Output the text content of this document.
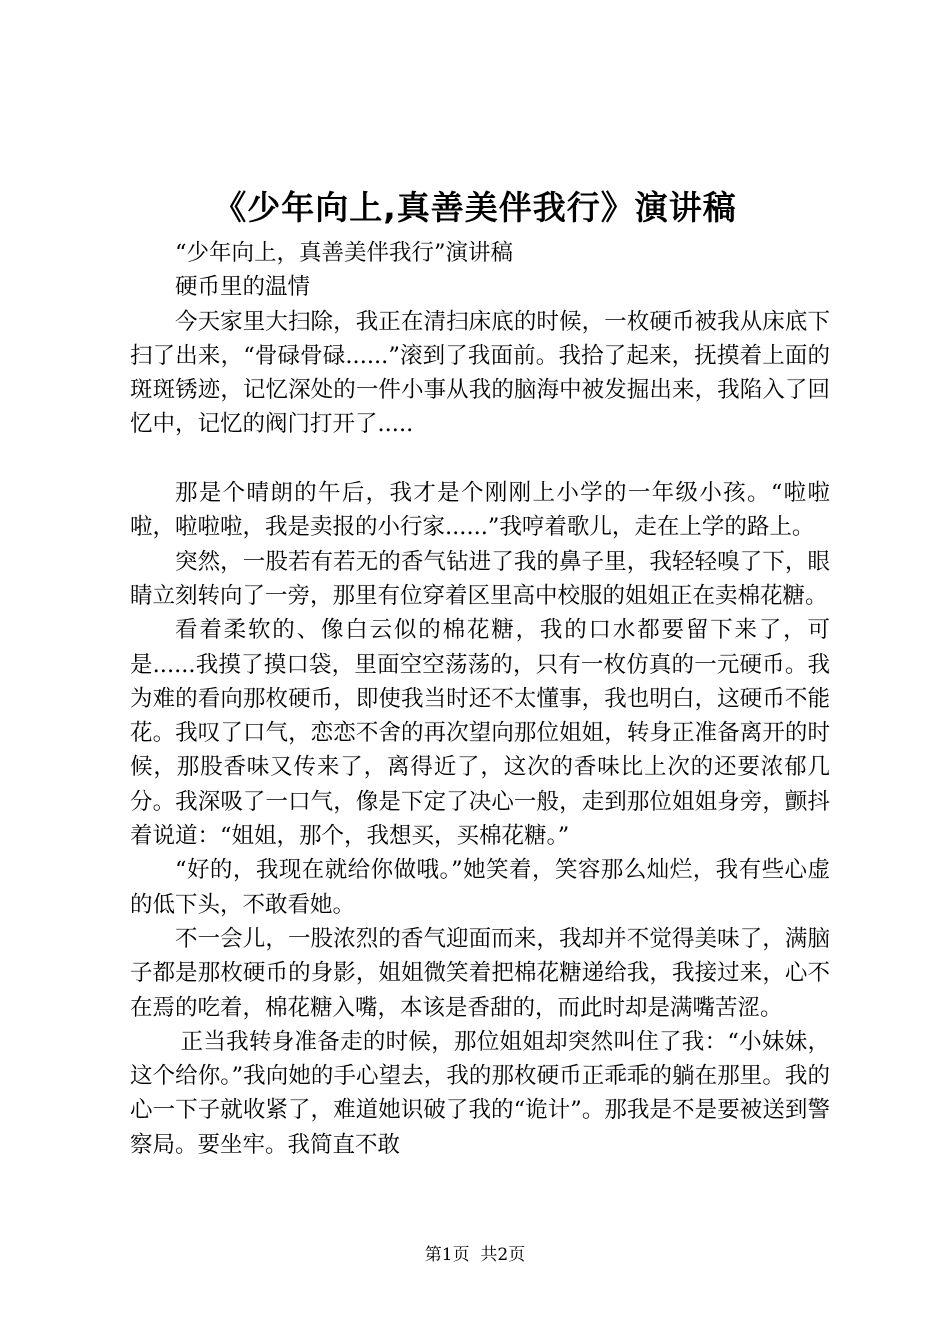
《少年向上,真善美伴我行》演讲稿

“少年向上，真善美伴我行”演讲稿

硬币里的温情

今天家里大扫除，我正在清扫床底的时候，一枚硬币被我从床底下扫了出来，“骨碌骨碌......”滚到了我面前。我拾了起来，抚摸着上面的斑斑锈迹，记忆深处的一件小事从我的脑海中被发掘出来，我陷入了回忆中，记忆的阀门打开了.....

那是个晴朗的午后，我才是个刚刚上小学的一年级小孩。“啦啦啦，啦啦啦，我是卖报的小行家......”我哼着歌儿，走在上学的路上。

突然，一股若有若无的香气钻进了我的鼻子里，我轻轻嗅了下，眼睛立刻转向了一旁，那里有位穿着区里高中校服的姐姐正在卖棉花糖。

看着柔软的、像白云似的棉花糖，我的口水都要留下来了，可是......我摸了摸口袋，里面空空荡荡的，只有一枚仿真的一元硬币。我为难的看向那枚硬币，即使我当时还不太懂事，我也明白，这硬币不能花。我叹了口气，恋恋不舍的再次望向那位姐姐，转身正准备离开的时候，那股香味又传来了，离得近了，这次的香味比上次的还要浓郁几分。我深吸了一口气，像是下定了决心一般，走到那位姐姐身旁，颤抖着说道：“姐姐，那个，我想买，买棉花糖。”

“好的，我现在就给你做哦。”她笑着，笑容那么灿烂，我有些心虚的低下头，不敢看她。

不一会儿，一股浓烈的香气迎面而来，我却并不觉得美味了，满脑子都是那枚硬币的身影，姐姐微笑着把棉花糖递给我，我接过来，心不在焉的吃着，棉花糖入嘴，本该是香甜的，而此时却是满嘴苦涩。

正当我转身准备走的时候，那位姐姐却突然叫住了我：“小妹妹，这个给你。”我向她的手心望去，我的那枚硬币正乖乖的躺在那里。我的心一下子就收紧了，难道她识破了我的“诡计”。那我是不是要被送到警察局。要坐牢。我简直不敢

第1页  共2页
